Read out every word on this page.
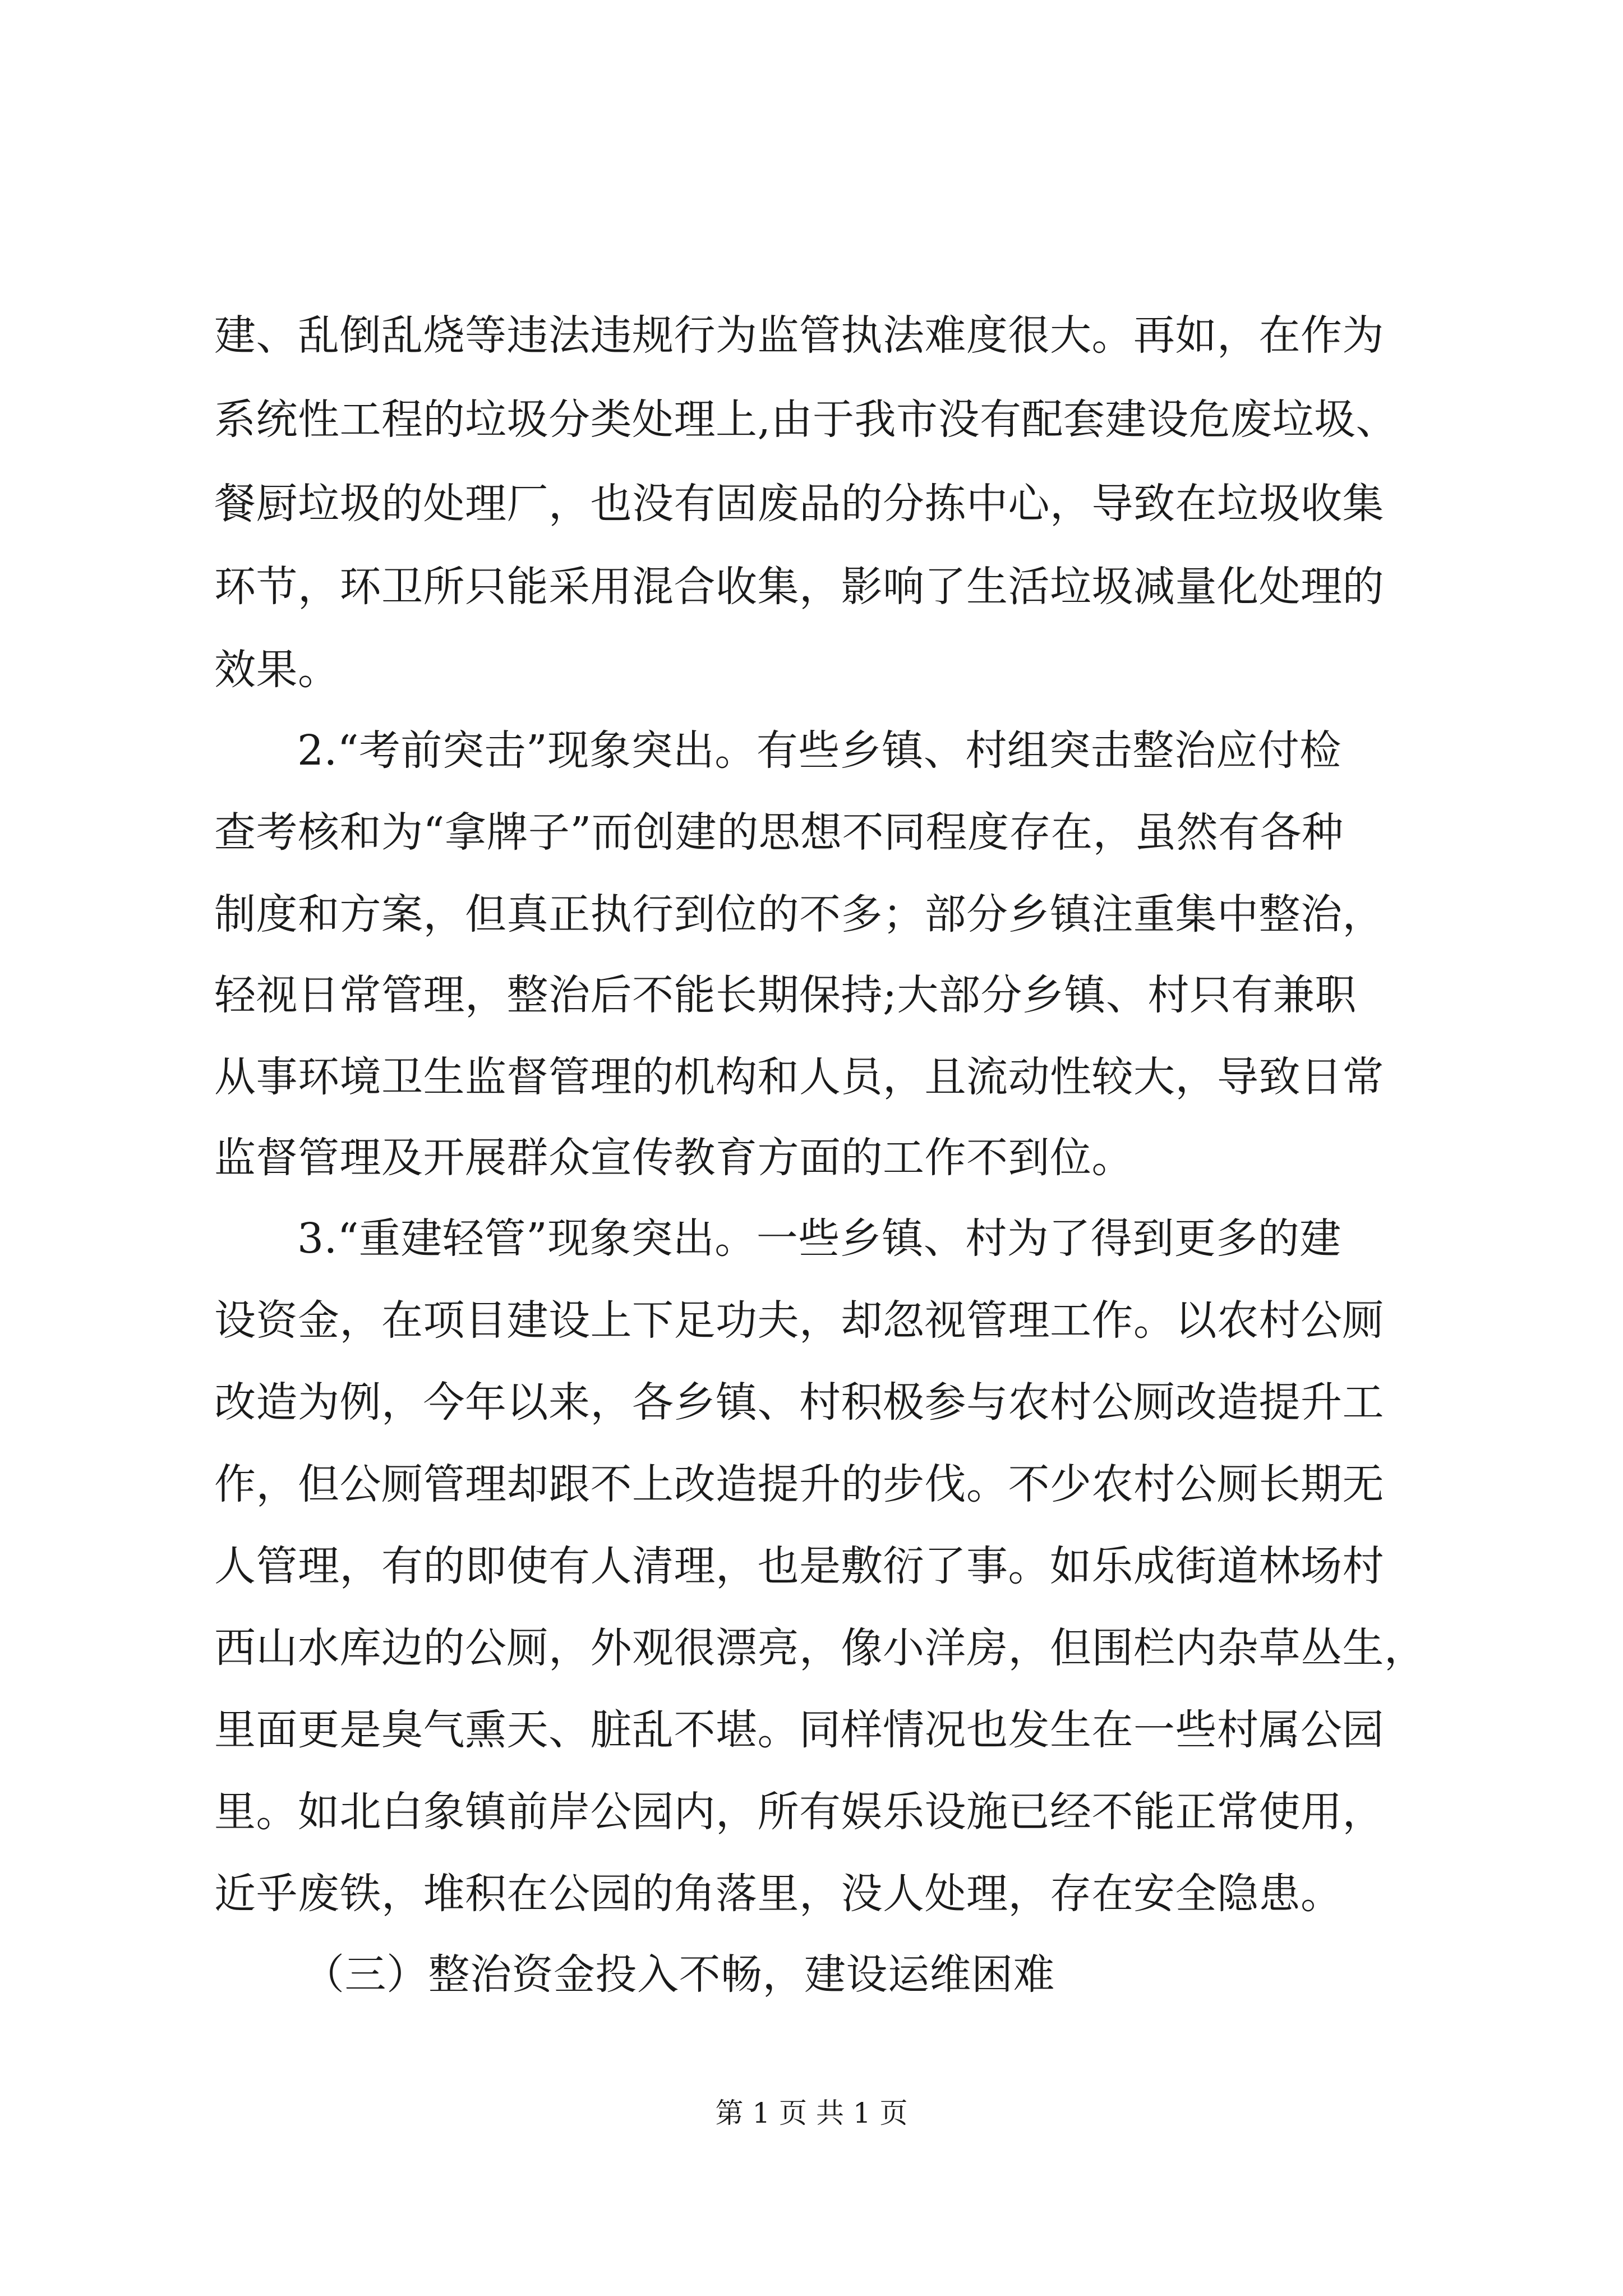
建、乱倒乱烧等违法违规行为监管执法难度很大。再如，在作为
系统性工程的垃圾分类处理上,由于我市没有配套建设危废垃圾、
餐厨垃圾的处理厂，也没有固废品的分拣中心，导致在垃圾收集
环节，环卫所只能采用混合收集，影响了生活垃圾减量化处理的
效果。
2.“考前突击”现象突出。有些乡镇、村组突击整治应付检
查考核和为“拿牌子”而创建的思想不同程度存在，虽然有各种
制度和方案，但真正执行到位的不多；部分乡镇注重集中整治，
轻视日常管理，整治后不能长期保持;大部分乡镇、村只有兼职
从事环境卫生监督管理的机构和人员，且流动性较大，导致日常
监督管理及开展群众宣传教育方面的工作不到位。
3.“重建轻管”现象突出。一些乡镇、村为了得到更多的建
设资金，在项目建设上下足功夫，却忽视管理工作。以农村公厕
改造为例，今年以来，各乡镇、村积极参与农村公厕改造提升工
作，但公厕管理却跟不上改造提升的步伐。不少农村公厕长期无
人管理，有的即使有人清理，也是敷衍了事。如乐成街道林场村
西山水库边的公厕，外观很漂亮，像小洋房，但围栏内杂草丛生，
里面更是臭气熏天、脏乱不堪。同样情况也发生在一些村属公园
里。如北白象镇前岸公园内，所有娱乐设施已经不能正常使用，
近乎废铁，堆积在公园的角落里，没人处理，存在安全隐患。
（三）整治资金投入不畅，建设运维困难
第 1 页 共 1 页
